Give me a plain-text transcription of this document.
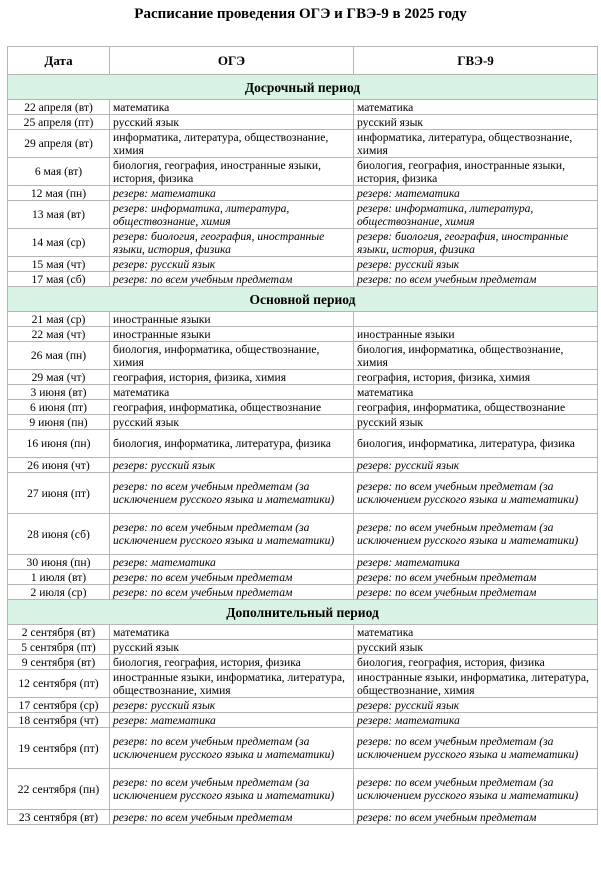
Расписание проведения ОГЭ и ГВЭ-9 в 2025 году
Дата	ОГЭ	ГВЭ-9
Досрочный период		
22 апреля (вт)	математика	математика
25 апреля (пт)	русский язык	русский язык
29 апреля (вт)	информатика, литература, обществознание, химия	информатика, литература, обществознание, химия
6 мая (вт)	биология, география, иностранные языки, история, физика	биология, география, иностранные языки, история, физика
12 мая (пн)	резерв: математика	резерв: математика
13 мая (вт)	резерв: информатика, литература, обществознание, химия	резерв: информатика, литература, обществознание, химия
14 мая (ср)	резерв: биология, география, иностранные языки, история, физика	резерв: биология, география, иностранные языки, история, физика
15 мая (чт)	резерв: русский язык	резерв: русский язык
17 мая (сб)	резерв: по всем учебным предметам	резерв: по всем учебным предметам
Основной период		
21 мая (ср)	иностранные языки	
22 мая (чт)	иностранные языки	иностранные языки
26 мая (пн)	биология, информатика, обществознание, химия	биология, информатика, обществознание, химия
29 мая (чт)	география, история, физика, химия	география, история, физика, химия
3 июня (вт)	математика	математика
6 июня (пт)	география, информатика, обществознание	география, информатика, обществознание
9 июня (пн)	русский язык	русский язык
16 июня (пн)	биология, информатика, литература, физика	биология, информатика, литература, физика
26 июня (чт)	резерв: русский язык	резерв: русский язык
27 июня (пт)	резерв: по всем учебным предметам (за исключением русского языка и математики)	резерв: по всем учебным предметам (за исключением русского языка и математики)
28 июня (сб)	резерв: по всем учебным предметам (за исключением русского языка и математики)	резерв: по всем учебным предметам (за исключением русского языка и математики)
30 июня (пн)	резерв: математика	резерв: математика
1 июля (вт)	резерв: по всем учебным предметам	резерв: по всем учебным предметам
2 июля (ср)	резерв: по всем учебным предметам	резерв: по всем учебным предметам
Дополнительный период		
2 сентября (вт)	математика	математика
5 сентября (пт)	русский язык	русский язык
9 сентября (вт)	биология, география, история, физика	биология, география, история, физика
12 сентября (пт)	иностранные языки, информатика, литература, обществознание, химия	иностранные языки, информатика, литература, обществознание, химия
17 сентября (ср)	резерв: русский язык	резерв: русский язык
18 сентября (чт)	резерв: математика	резерв: математика
19 сентября (пт)	резерв: по всем учебным предметам (за исключением русского языка и математики)	резерв: по всем учебным предметам (за исключением русского языка и математики)
22 сентября (пн)	резерв: по всем учебным предметам (за исключением русского языка и математики)	резерв: по всем учебным предметам (за исключением русского языка и математики)
23 сентября (вт)	резерв: по всем учебным предметам	резерв: по всем учебным предметам
